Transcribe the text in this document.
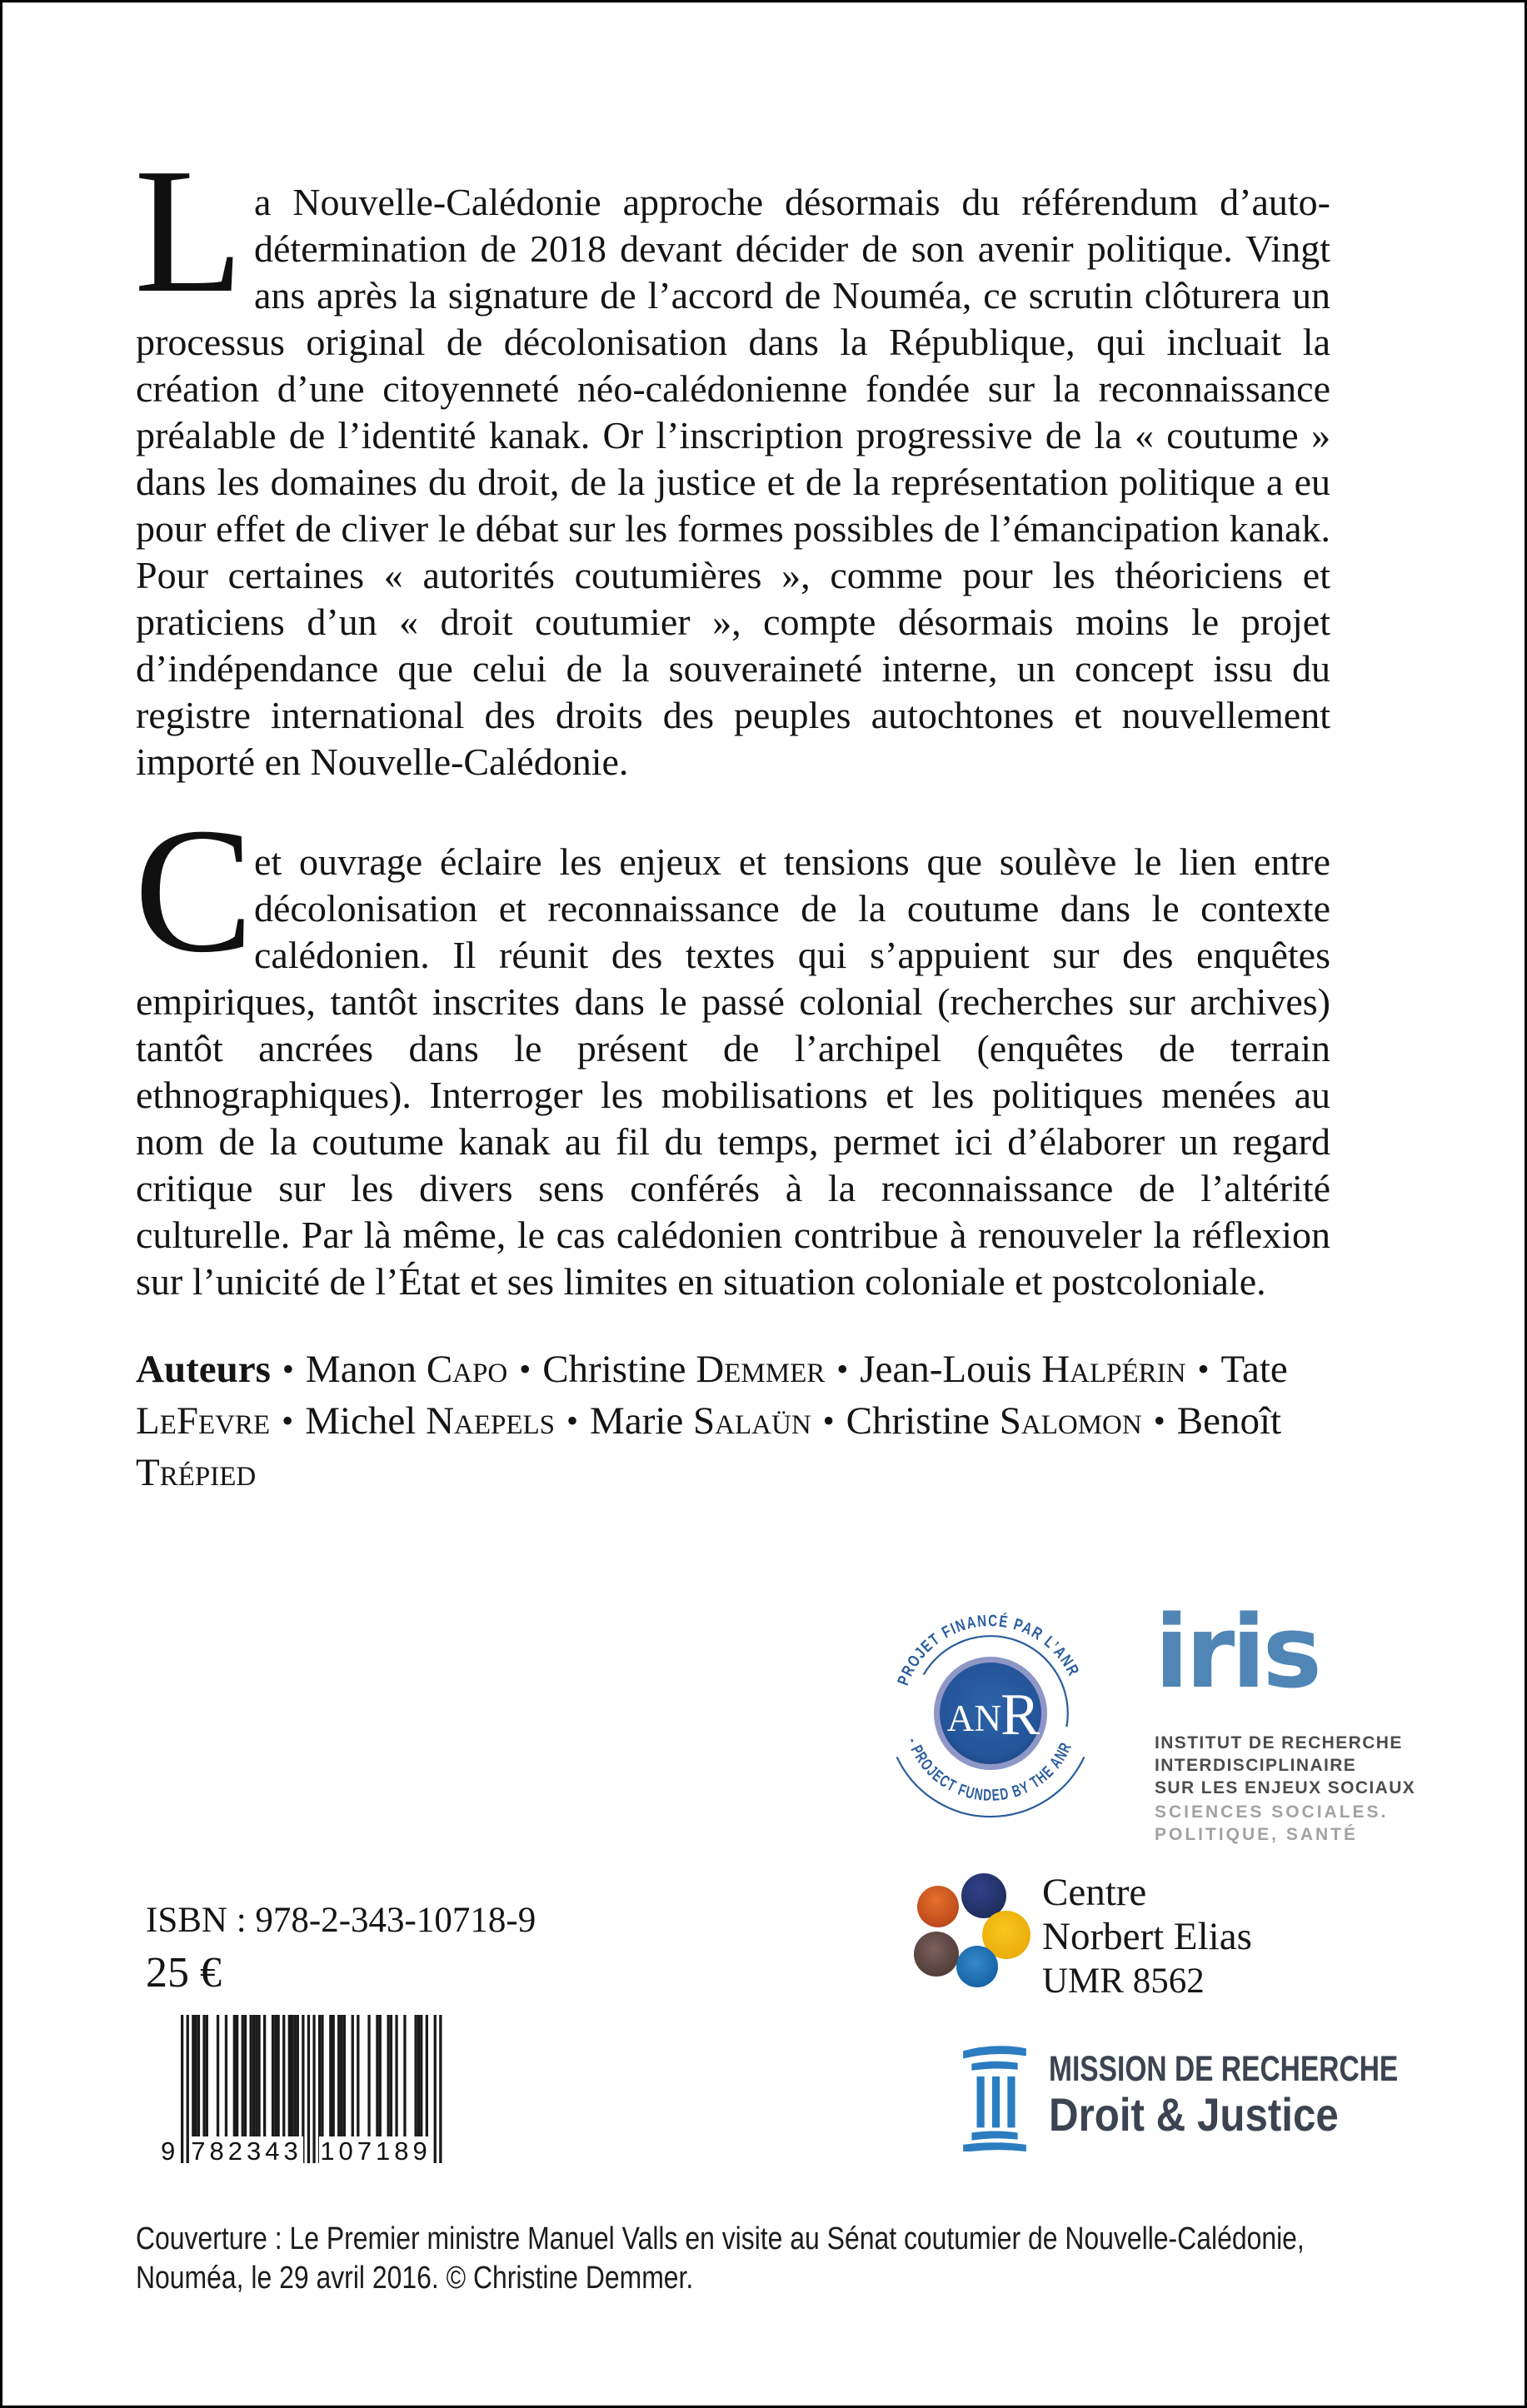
L a Nouvelle-Calédonie approche désormais du référendum d’auto-détermination de 2018 devant décider de son avenir politique. Vingt ans après la signature de l’accord de Nouméa, ce scrutin clôturera un processus original de décolonisation dans la République, qui incluait la création d’une citoyenneté néo-calédonienne fondée sur la reconnaissance préalable de l’identité kanak. Or l’inscription progressive de la « coutume » dans les domaines du droit, de la justice et de la représentation politique a eu pour effet de cliver le débat sur les formes possibles de l’émancipation kanak. Pour certaines « autorités coutumières », comme pour les théoriciens et praticiens d’un « droit coutumier », compte désormais moins le projet d’indépendance que celui de la souveraineté interne, un concept issu du registre international des droits des peuples autochtones et nouvellement importé en Nouvelle-Calédonie.

C et ouvrage éclaire les enjeux et tensions que soulève le lien entre décolonisation et reconnaissance de la coutume dans le contexte calédonien. Il réunit des textes qui s’appuient sur des enquêtes empiriques, tantôt inscrites dans le passé colonial (recherches sur archives) tantôt ancrées dans le présent de l’archipel (enquêtes de terrain ethnographiques). Interroger les mobilisations et les politiques menées au nom de la coutume kanak au fil du temps, permet ici d’élaborer un regard critique sur les divers sens conférés à la reconnaissance de l’altérité culturelle. Par là même, le cas calédonien contribue à renouveler la réflexion sur l’unicité de l’État et ses limites en situation coloniale et postcoloniale.

Auteurs • Manon Capo • Christine Demmer • Jean-Louis Halpérin • Tate LeFevre • Michel Naepels • Marie Salaün • Christine Salomon • Benoît Trépied
PROJET FINANCÉ PAR L’ANR
- PROJECT FUNDED BY THE ANR
AN
R
iris
INSTITUT DE RECHERCHE
INTERDISCIPLINAIRE
SUR LES ENJEUX SOCIAUX
SCIENCES SOCIALES.
POLITIQUE, SANTÉ
ISBN : 978-2-343-10718-9
25 €
9 782343 107189
Centre
Norbert Elias
UMR 8562
MISSION DE RECHERCHE
Droit & Justice
Couverture : Le Premier ministre Manuel Valls en visite au Sénat coutumier de Nouvelle-Calédonie, Nouméa, le 29 avril 2016. © Christine Demmer.
